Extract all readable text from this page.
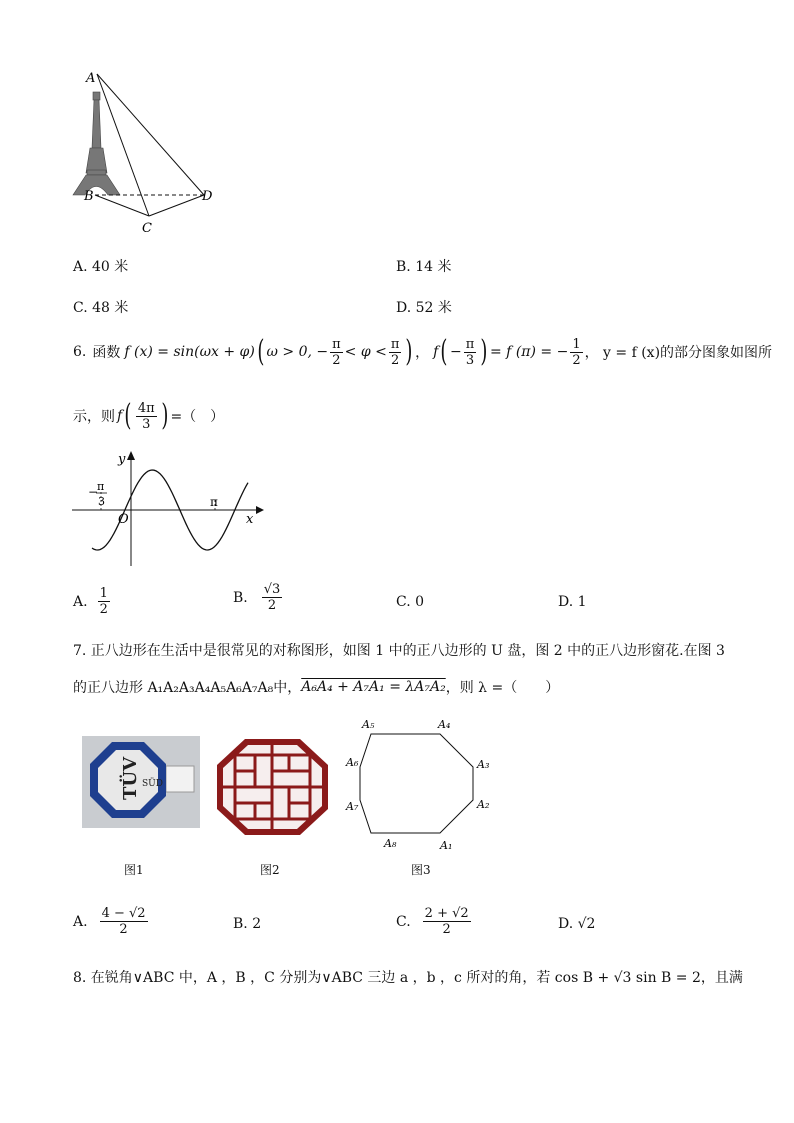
A
B
C
D
A. 40 米	B. 14 米
C. 48 米	D. 52 米
6. 函数 f (x) = sin(ωx + φ) ( ω > 0, − $\frac{\pi}{2} < \varphi < \frac{\pi}{2}$ ) ， f ( − $\frac{\pi}{3}$ ) = f (π) = − $\frac{1}{2}$ ， y = f (x)的部分图象如图所
示，则 f ( $\frac{4\pi}{3}$ ) =（　）
y
x
O
π
−
π
3
A. $\frac{1}{2}$	B. $\frac{√3}{2}$	C. 0	D. 1
7. 正八边形在生活中是很常见的对称图形，如图 1 中的正八边形的 U 盘，图 2 中的正八边形窗花.在图 3
的正八边形 A₁A₂A₃A₄A₅A₆A₇A₈中， A₆A₄ + A₇A₁ = λA₇A₂ ，则 λ =（　　）
TÜV SÜD
A₁
A₂
A₃
A₄
A₅
A₆
A₇
A₈
图1	图2	图3
A. $\frac{4 - √2}{2}$	B. 2	C. $\frac{2 + √2}{2}$	D. √2
8. 在锐角∨ABC 中，A ，B ，C 分别为∨ABC 三边 a ，b ，c 所对的角，若 cos B + √3 sin B = 2，且满
